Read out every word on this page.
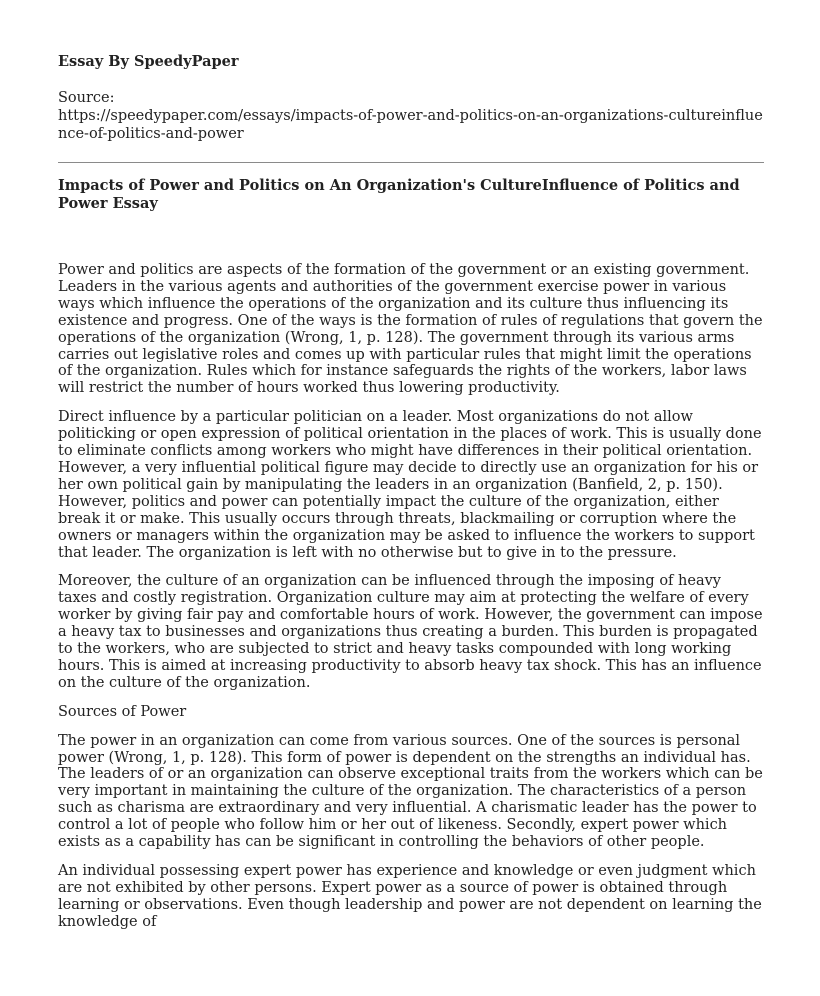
Essay By SpeedyPaper
Source:
https://speedypaper.com/essays/impacts-of-power-and-politics-on-an-organizations-cultureinfluence-of-politics-and-power
Impacts of Power and Politics on An Organization's CultureInfluence of Politics and Power Essay

Power and politics are aspects of the formation of the government or an existing government. Leaders in the various agents and authorities of the government exercise power in various ways which influence the operations of the organization and its culture thus influencing its existence and progress. One of the ways is the formation of rules of regulations that govern the operations of the organization (Wrong, 1, p. 128). The government through its various arms carries out legislative roles and comes up with particular rules that might limit the operations of the organization. Rules which for instance safeguards the rights of the workers, labor laws will restrict the number of hours worked thus lowering productivity.

Direct influence by a particular politician on a leader. Most organizations do not allow politicking or open expression of political orientation in the places of work. This is usually done to eliminate conflicts among workers who might have differences in their political orientation. However, a very influential political figure may decide to directly use an organization for his or her own political gain by manipulating the leaders in an organization (Banfield, 2, p. 150). However, politics and power can potentially impact the culture of the organization, either break it or make. This usually occurs through threats, blackmailing or corruption where the owners or managers within the organization may be asked to influence the workers to support that leader. The organization is left with no otherwise but to give in to the pressure.

Moreover, the culture of an organization can be influenced through the imposing of heavy taxes and costly registration. Organization culture may aim at protecting the welfare of every worker by giving fair pay and comfortable hours of work. However, the government can impose a heavy tax to businesses and organizations thus creating a burden. This burden is propagated to the workers, who are subjected to strict and heavy tasks compounded with long working hours. This is aimed at increasing productivity to absorb heavy tax shock. This has an influence on the culture of the organization.

Sources of Power

The power in an organization can come from various sources. One of the sources is personal power (Wrong, 1, p. 128). This form of power is dependent on the strengths an individual has. The leaders of or an organization can observe exceptional traits from the workers which can be very important in maintaining the culture of the organization. The characteristics of a person such as charisma are extraordinary and very influential. A charismatic leader has the power to control a lot of people who follow him or her out of likeness. Secondly, expert power which exists as a capability has can be significant in controlling the behaviors of other people.

An individual possessing expert power has experience and knowledge or even judgment which are not exhibited by other persons. Expert power as a source of power is obtained through learning or observations. Even though leadership and power are not dependent on learning the knowledge of
